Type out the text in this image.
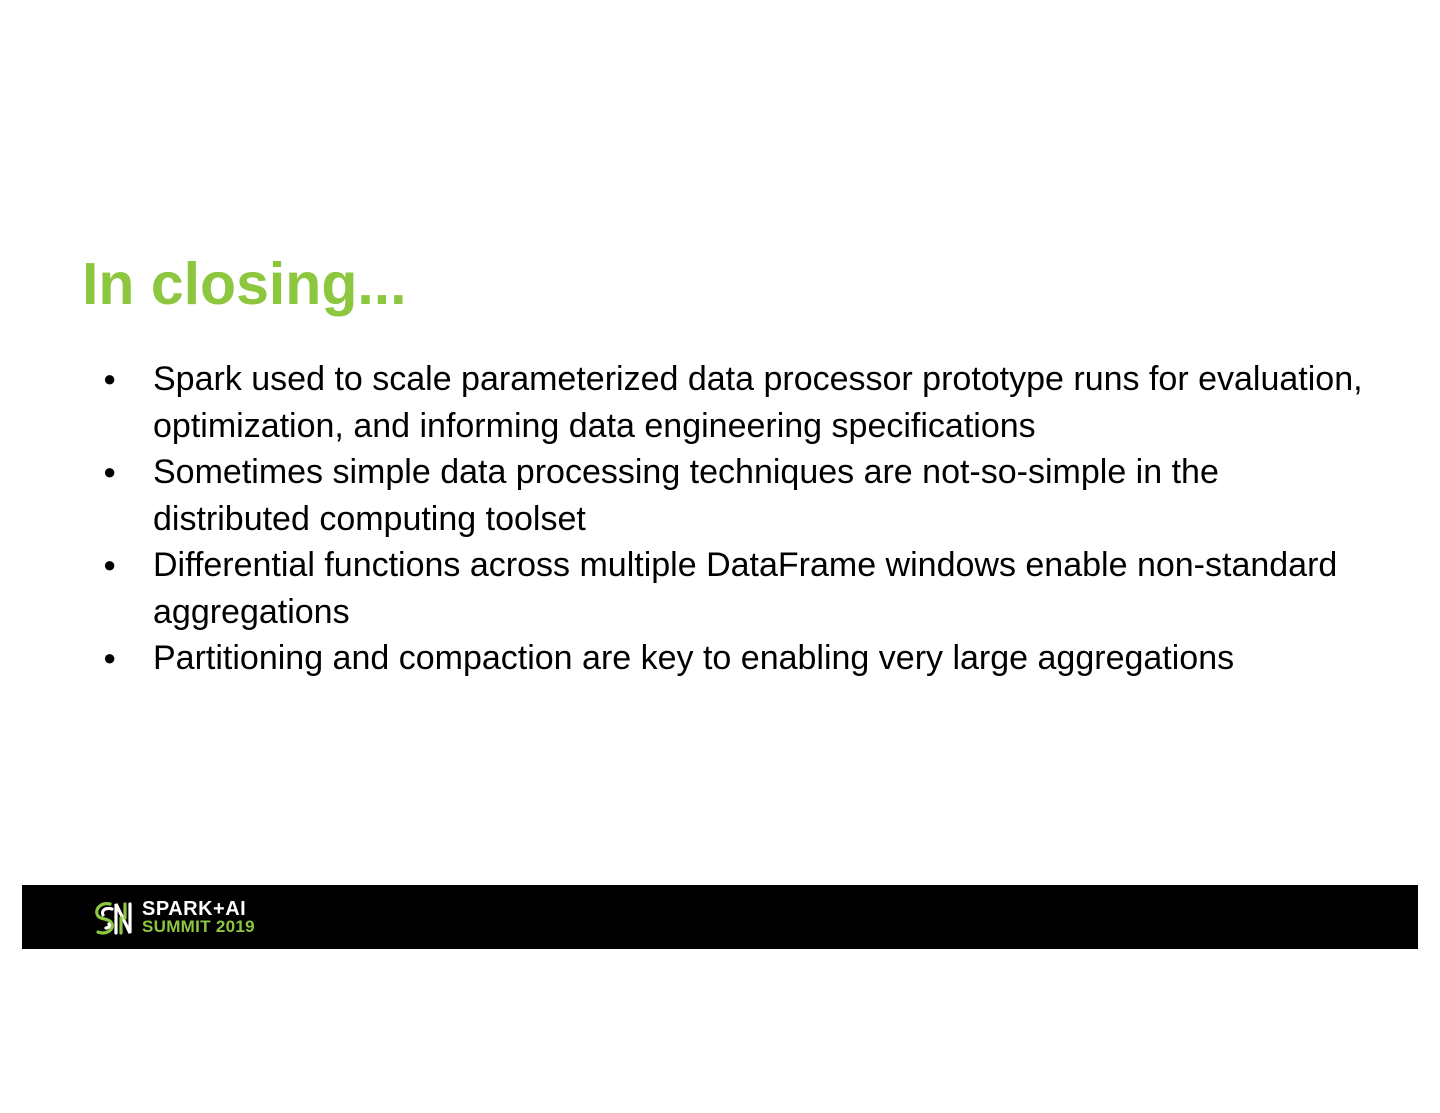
In closing...
● Spark used to scale parameterized data processor prototype runs for evaluation, optimization, and informing data engineering specifications
● Sometimes simple data processing techniques are not-so-simple in the distributed computing toolset
● Differential functions across multiple DataFrame windows enable non-standard aggregations
● Partitioning and compaction are key to enabling very large aggregations
SPARK+AI
SUMMIT 2019
